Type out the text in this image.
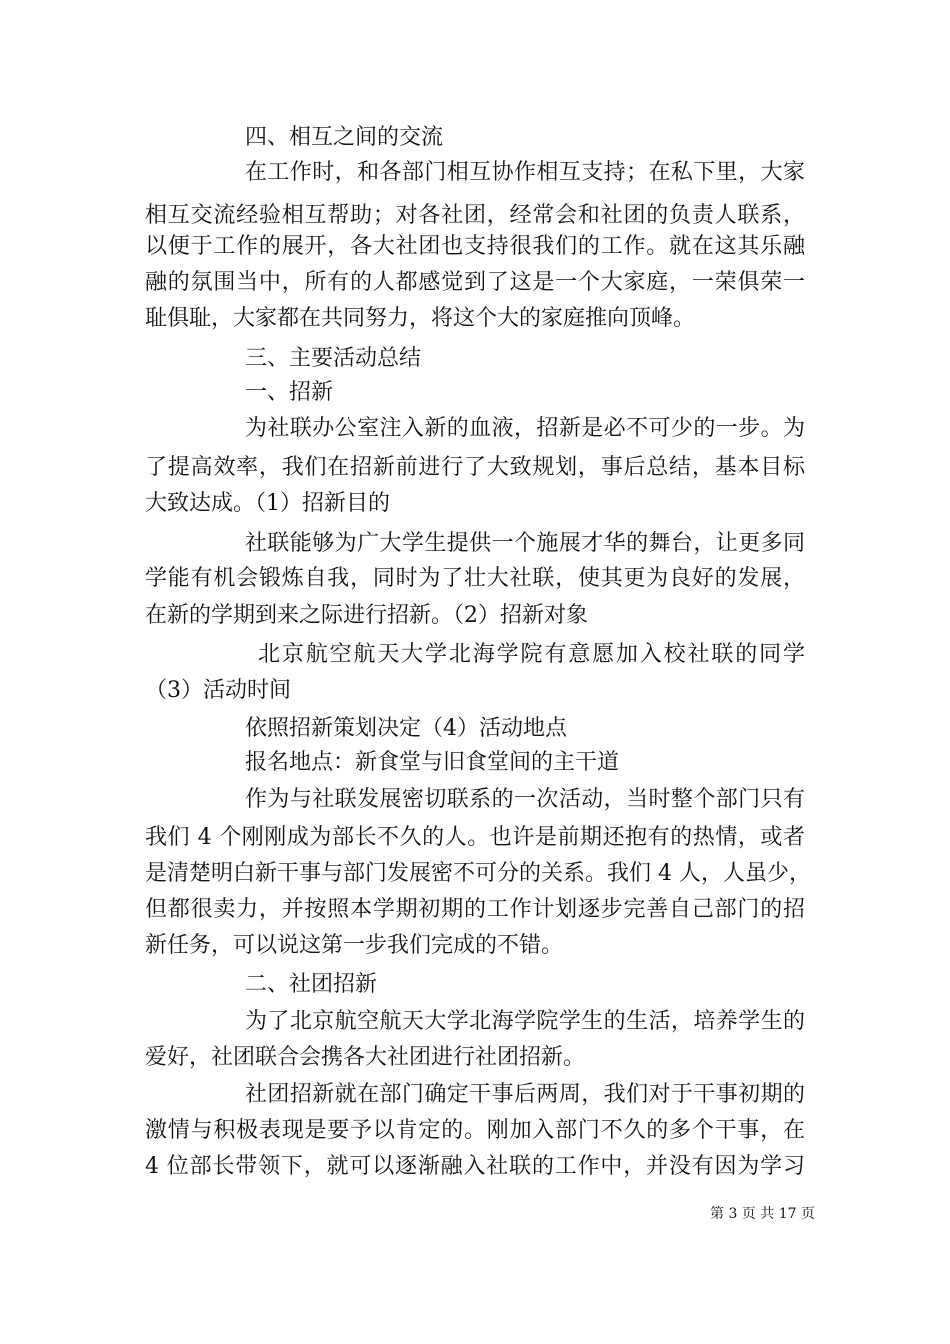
四、相互之间的交流
在工作时，和各部门相互协作相互支持；在私下里，大家
相互交流经验相互帮助；对各社团，经常会和社团的负责人联系，
以便于工作的展开，各大社团也支持很我们的工作。就在这其乐融
融的氛围当中，所有的人都感觉到了这是一个大家庭，一荣俱荣一
耻俱耻，大家都在共同努力，将这个大的家庭推向顶峰。
三、主要活动总结
一、招新
为社联办公室注入新的血液，招新是必不可少的一步。为
了提高效率，我们在招新前进行了大致规划，事后总结，基本目标
大致达成。（1）招新目的
社联能够为广大学生提供一个施展才华的舞台，让更多同
学能有机会锻炼自我，同时为了壮大社联，使其更为良好的发展，
在新的学期到来之际进行招新。（2）招新对象
北京航空航天大学北海学院有意愿加入校社联的同学
（3）活动时间
依照招新策划决定（4）活动地点
报名地点：新食堂与旧食堂间的主干道
作为与社联发展密切联系的一次活动，当时整个部门只有
我们 4 个刚刚成为部长不久的人。也许是前期还抱有的热情，或者
是清楚明白新干事与部门发展密不可分的关系。我们 4 人，人虽少，
但都很卖力，并按照本学期初期的工作计划逐步完善自己部门的招
新任务，可以说这第一步我们完成的不错。
二、社团招新
为了北京航空航天大学北海学院学生的生活，培养学生的
爱好，社团联合会携各大社团进行社团招新。
社团招新就在部门确定干事后两周，我们对于干事初期的
激情与积极表现是要予以肯定的。刚加入部门不久的多个干事，在
4 位部长带领下，就可以逐渐融入社联的工作中，并没有因为学习
第 3 页 共 17 页
